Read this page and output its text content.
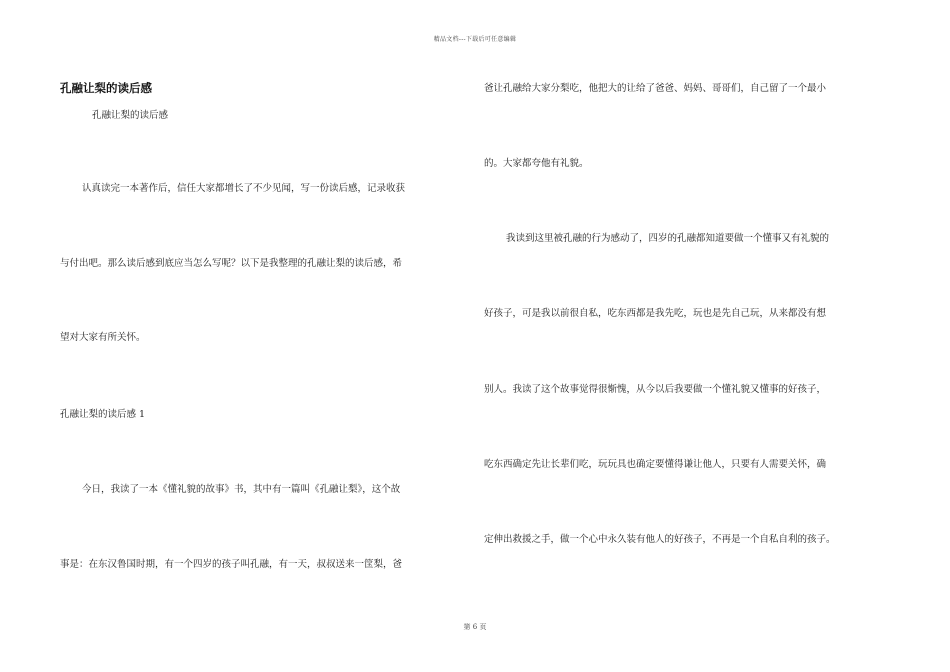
精品文档---下载后可任意编辑
孔融让梨的读后感
孔融让梨的读后感
认真读完一本著作后，信任大家都增长了不少见闻，写一份读后感，记录收获
与付出吧。那么读后感到底应当怎么写呢？以下是我整理的孔融让梨的读后感，希
望对大家有所关怀。
孔融让梨的读后感 1
今日，我读了一本《懂礼貌的故事》书，其中有一篇叫《孔融让梨》，这个故
事是：在东汉鲁国时期，有一个四岁的孩子叫孔融，有一天，叔叔送来一筐梨，爸
爸让孔融给大家分梨吃，他把大的让给了爸爸、妈妈、哥哥们，自己留了一个最小
的。大家都夸他有礼貌。
我读到这里被孔融的行为感动了，四岁的孔融都知道要做一个懂事又有礼貌的
好孩子，可是我以前很自私，吃东西都是我先吃，玩也是先自己玩，从来都没有想
别人。我读了这个故事觉得很惭愧，从今以后我要做一个懂礼貌又懂事的好孩子，
吃东西确定先让长辈们吃，玩玩具也确定要懂得谦让他人，只要有人需要关怀，确
定伸出救援之手，做一个心中永久装有他人的好孩子，不再是一个自私自利的孩子。
第 6 页
